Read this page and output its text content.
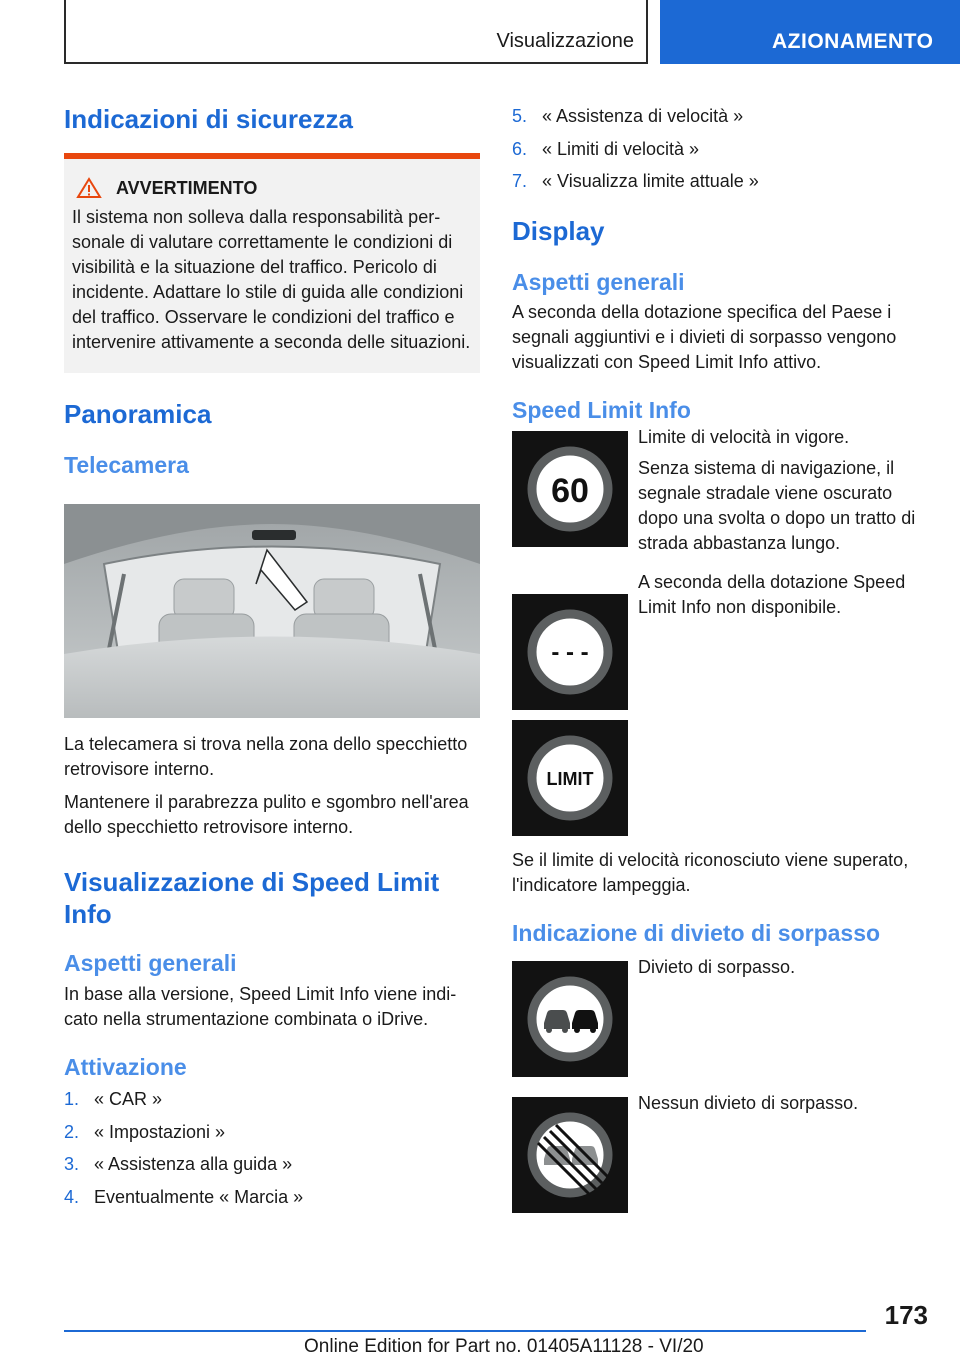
Visualizzazione	AZIONAMENTO
Indicazioni di sicurezza
AVVERTIMENTO

Il sistema non solleva dalla responsabilità personale di valutare correttamente le condizioni di visibilità e la situazione del traffico. Pericolo di incidente. Adattare lo stile di guida alle condizioni del traffico. Osservare le condizioni del traffico e intervenire attivamente a seconda delle situazioni.

Panoramica
Telecamera

La telecamera si trova nella zona dello specchietto retrovisore interno.

Mantenere il parabrezza pulito e sgombro nell'area dello specchietto retrovisore interno.

Visualizzazione di Speed Limit Info
Aspetti generali

In base alla versione, Speed Limit Info viene indicato nella strumentazione combinata o iDrive.

Attivazione
1. « CAR »
2. « Impostazioni »
3. « Assistenza alla guida »
4. Eventualmente « Marcia »
5. « Assistenza di velocità »
6. « Limiti di velocità »
7. « Visualizza limite attuale »
Display
Aspetti generali

A seconda della dotazione specifica del Paese i segnali aggiuntivi e i divieti di sorpasso vengono visualizzati con Speed Limit Info attivo.

Speed Limit Info
60

Limite di velocità in vigore.

Senza sistema di navigazione, il segnale stradale viene oscurato dopo una svolta o dopo un tratto di strada abbastanza lungo.

- - -

A seconda della dotazione Speed Limit Info non disponibile.

LIMIT

Se il limite di velocità riconosciuto viene superato, l'indicatore lampeggia.

Indicazione di divieto di sorpasso

Divieto di sorpasso.

Nessun divieto di sorpasso.

173
Online Edition for Part no. 01405A11128 - VI/20
